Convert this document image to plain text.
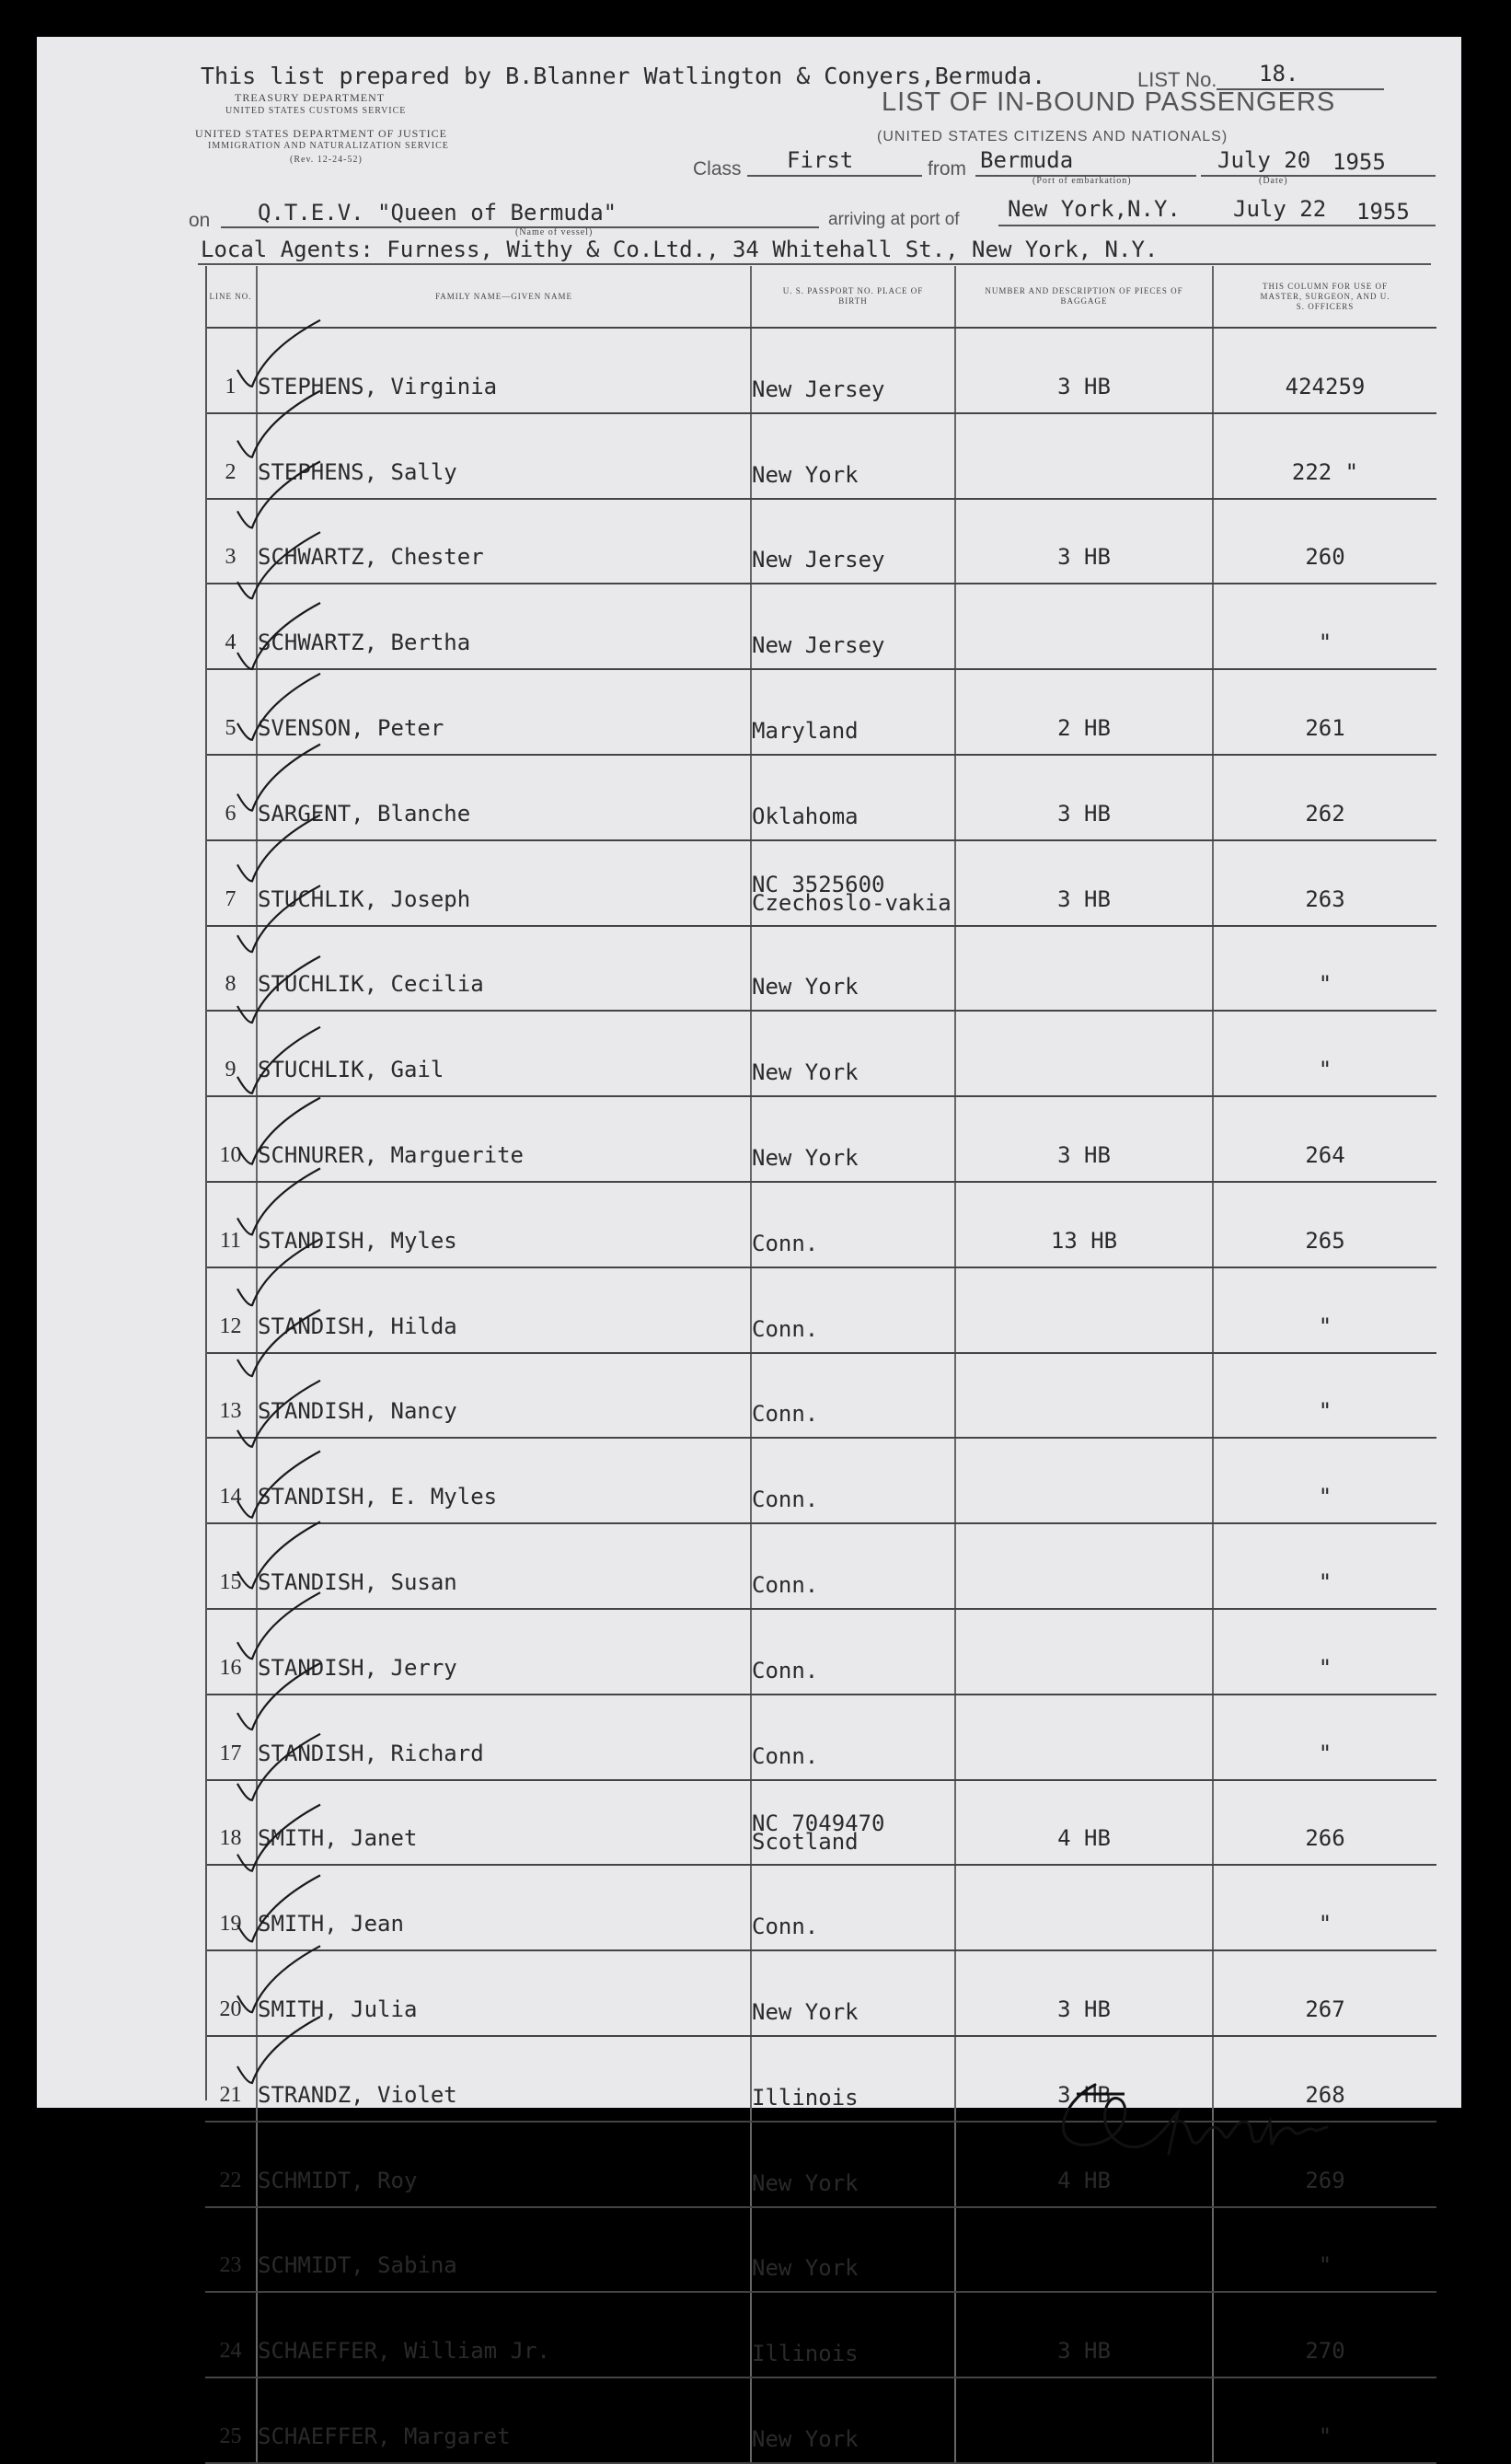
This list prepared by B.Blanner Watlington & Conyers,Bermuda.	LIST No. 18.
TREASURY DEPARTMENT
UNITED STATES CUSTOMS SERVICE
UNITED STATES DEPARTMENT OF JUSTICE
IMMIGRATION AND NATURALIZATION SERVICE
(Rev. 12-24-52)
LIST OF IN-BOUND PASSENGERS
(UNITED STATES CITIZENS AND NATIONALS)
Class First	from Bermuda
(Port of embarkation)
July 20 1955
(Date)
on Q.T.E.V. "Queen of Bermuda"
(Name of vessel)
arriving at port of New York,N.Y. July 22 1955
Local Agents: Furness, Withy & Co.Ltd., 34 Whitehall St., New York, N.Y.
LINE NO.	FAMILY NAME—GIVEN NAME	U. S. PASSPORT NO. PLACE OF BIRTH	NUMBER AND DESCRIPTION OF PIECES OF BAGGAGE	THIS COLUMN FOR USE OF MASTER, SURGEON, AND U. S. OFFICERS
1	STEPHENS, Virginia	New Jersey	3 HB	424259
2	STEPHENS, Sally	New York		222 "
3	SCHWARTZ, Chester	New Jersey	3 HB	260
4	SCHWARTZ, Bertha	New Jersey		"
5	SVENSON, Peter	Maryland	2 HB	261
6	SARGENT, Blanche	Oklahoma	3 HB	262
7	STUCHLIK, Joseph	NC 3525600
Czechoslo-vakia	3 HB	263
8	STUCHLIK, Cecilia	New York		"
9	STUCHLIK, Gail	New York		"
10	SCHNURER, Marguerite	New York	3 HB	264
11	STANDISH, Myles	Conn.	13 HB	265
12	STANDISH, Hilda	Conn.		"
13	STANDISH, Nancy	Conn.		"
14	STANDISH, E. Myles	Conn.		"
15	STANDISH, Susan	Conn.		"
16	STANDISH, Jerry	Conn.		"
17	STANDISH, Richard	Conn.		"
18	SMITH, Janet	NC 7049470
Scotland	4 HB	266
19	SMITH, Jean	Conn.		"
20	SMITH, Julia	New York	3 HB	267
21	STRANDZ, Violet	Illinois	3 HB	268
22	SCHMIDT, Roy	New York	4 HB	269
23	SCHMIDT, Sabina	New York		"
24	SCHAEFFER, William Jr.	Illinois	3 HB	270
25	SCHAEFFER, Margaret	New York		"
